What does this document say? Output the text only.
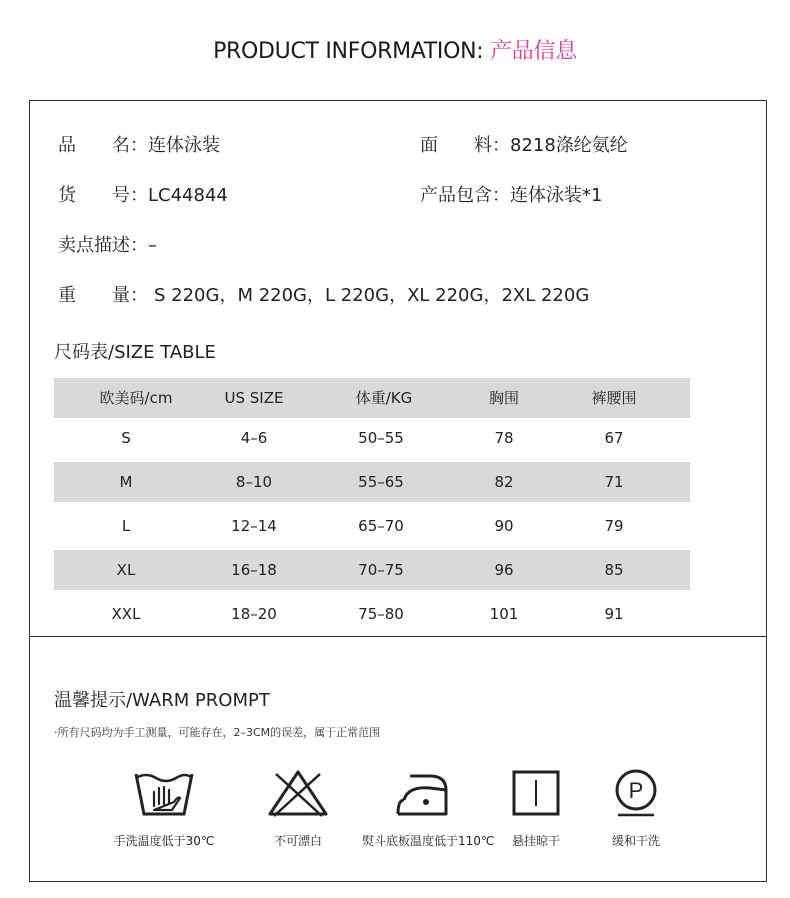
PRODUCT INFORMATION: 产品信息
品　　名：连体泳装	面　　料：8218涤纶氨纶
货　　号：LC44844	产品包含：连体泳装*1
卖点描述：–
重　　量： S 220G，M 220G，L 220G，XL 220G，2XL 220G
尺码表/SIZE TABLE
欧美码/cm	US SIZE	体重/KG	胸围	裤腰围
S	4–6	50–55	78	67
M	8–10	55–65	82	71
L	12–14	65–70	90	79
XL	16–18	70–75	96	85
XXL	18–20	75–80	101	91
温馨提示/WARM PROMPT
·所有尺码均为手工测量，可能存在，2–3CM的误差，属于正常范围
手洗温度低于30℃	不可漂白	熨斗底板温度低于110℃	悬挂晾干
P
缓和干洗
